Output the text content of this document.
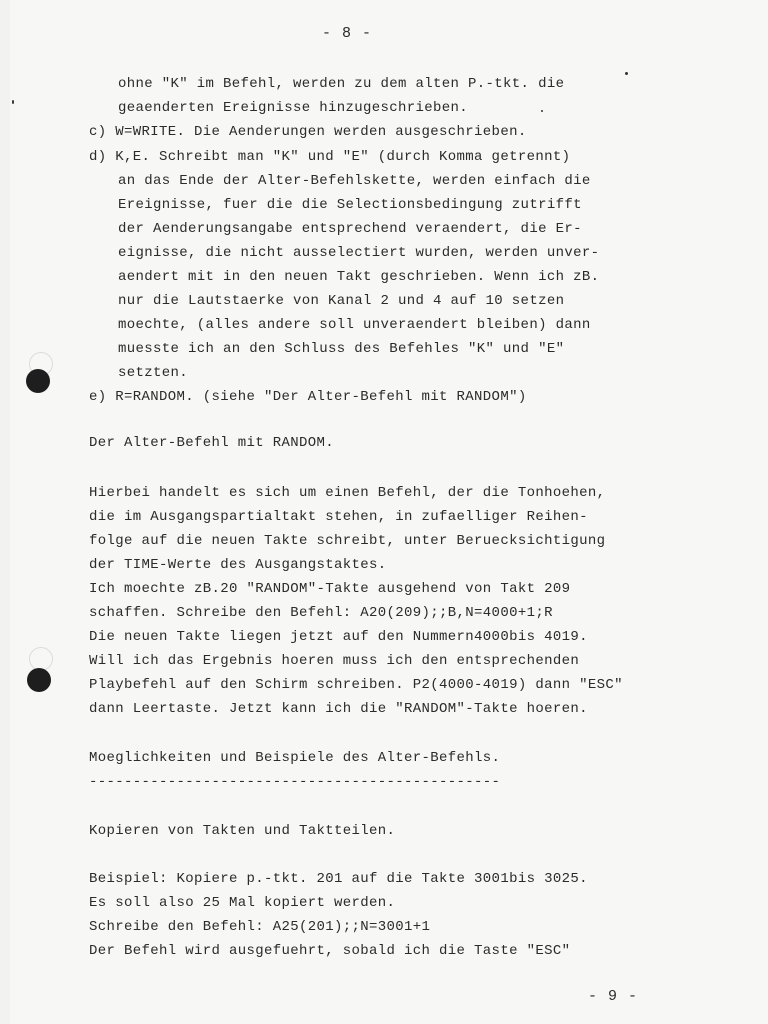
- 8 -
ohne "K" im Befehl, werden zu dem alten P.-tkt. die
geaenderten Ereignisse hinzugeschrieben.
c) W=WRITE. Die Aenderungen werden ausgeschrieben.
d) K,E. Schreibt man "K" und "E" (durch Komma getrennt)
an das Ende der Alter-Befehlskette, werden einfach die
Ereignisse, fuer die die Selectionsbedingung zutrifft
der Aenderungsangabe entsprechend veraendert, die Er-
eignisse, die nicht ausselectiert wurden, werden unver-
aendert mit in den neuen Takt geschrieben. Wenn ich zB.
nur die Lautstaerke von Kanal 2 und 4 auf 10 setzen
moechte, (alles andere soll unveraendert bleiben) dann
muesste ich an den Schluss des Befehles "K" und "E"
setzten.
e) R=RANDOM. (siehe "Der Alter-Befehl mit RANDOM")
Der Alter-Befehl mit RANDOM.
Hierbei handelt es sich um einen Befehl, der die Tonhoehen,
die im Ausgangspartialtakt stehen, in zufaelliger Reihen-
folge auf die neuen Takte schreibt, unter Beruecksichtigung
der TIME-Werte des Ausgangstaktes.
Ich moechte zB.20 "RANDOM"-Takte ausgehend von Takt 209
schaffen. Schreibe den Befehl: A20(209);;B,N=4000+1;R
Die neuen Takte liegen jetzt auf den Nummern4000bis 4019.
Will ich das Ergebnis hoeren muss ich den entsprechenden
Playbefehl auf den Schirm schreiben. P2(4000-4019) dann "ESC"
dann Leertaste. Jetzt kann ich die "RANDOM"-Takte hoeren.
Moeglichkeiten und Beispiele des Alter-Befehls.
-----------------------------------------------
Kopieren von Takten und Taktteilen.
Beispiel: Kopiere p.-tkt. 201 auf die Takte 3001bis 3025.
Es soll also 25 Mal kopiert werden.
Schreibe den Befehl: A25(201);;N=3001+1
Der Befehl wird ausgefuehrt, sobald ich die Taste "ESC"
- 9 -
